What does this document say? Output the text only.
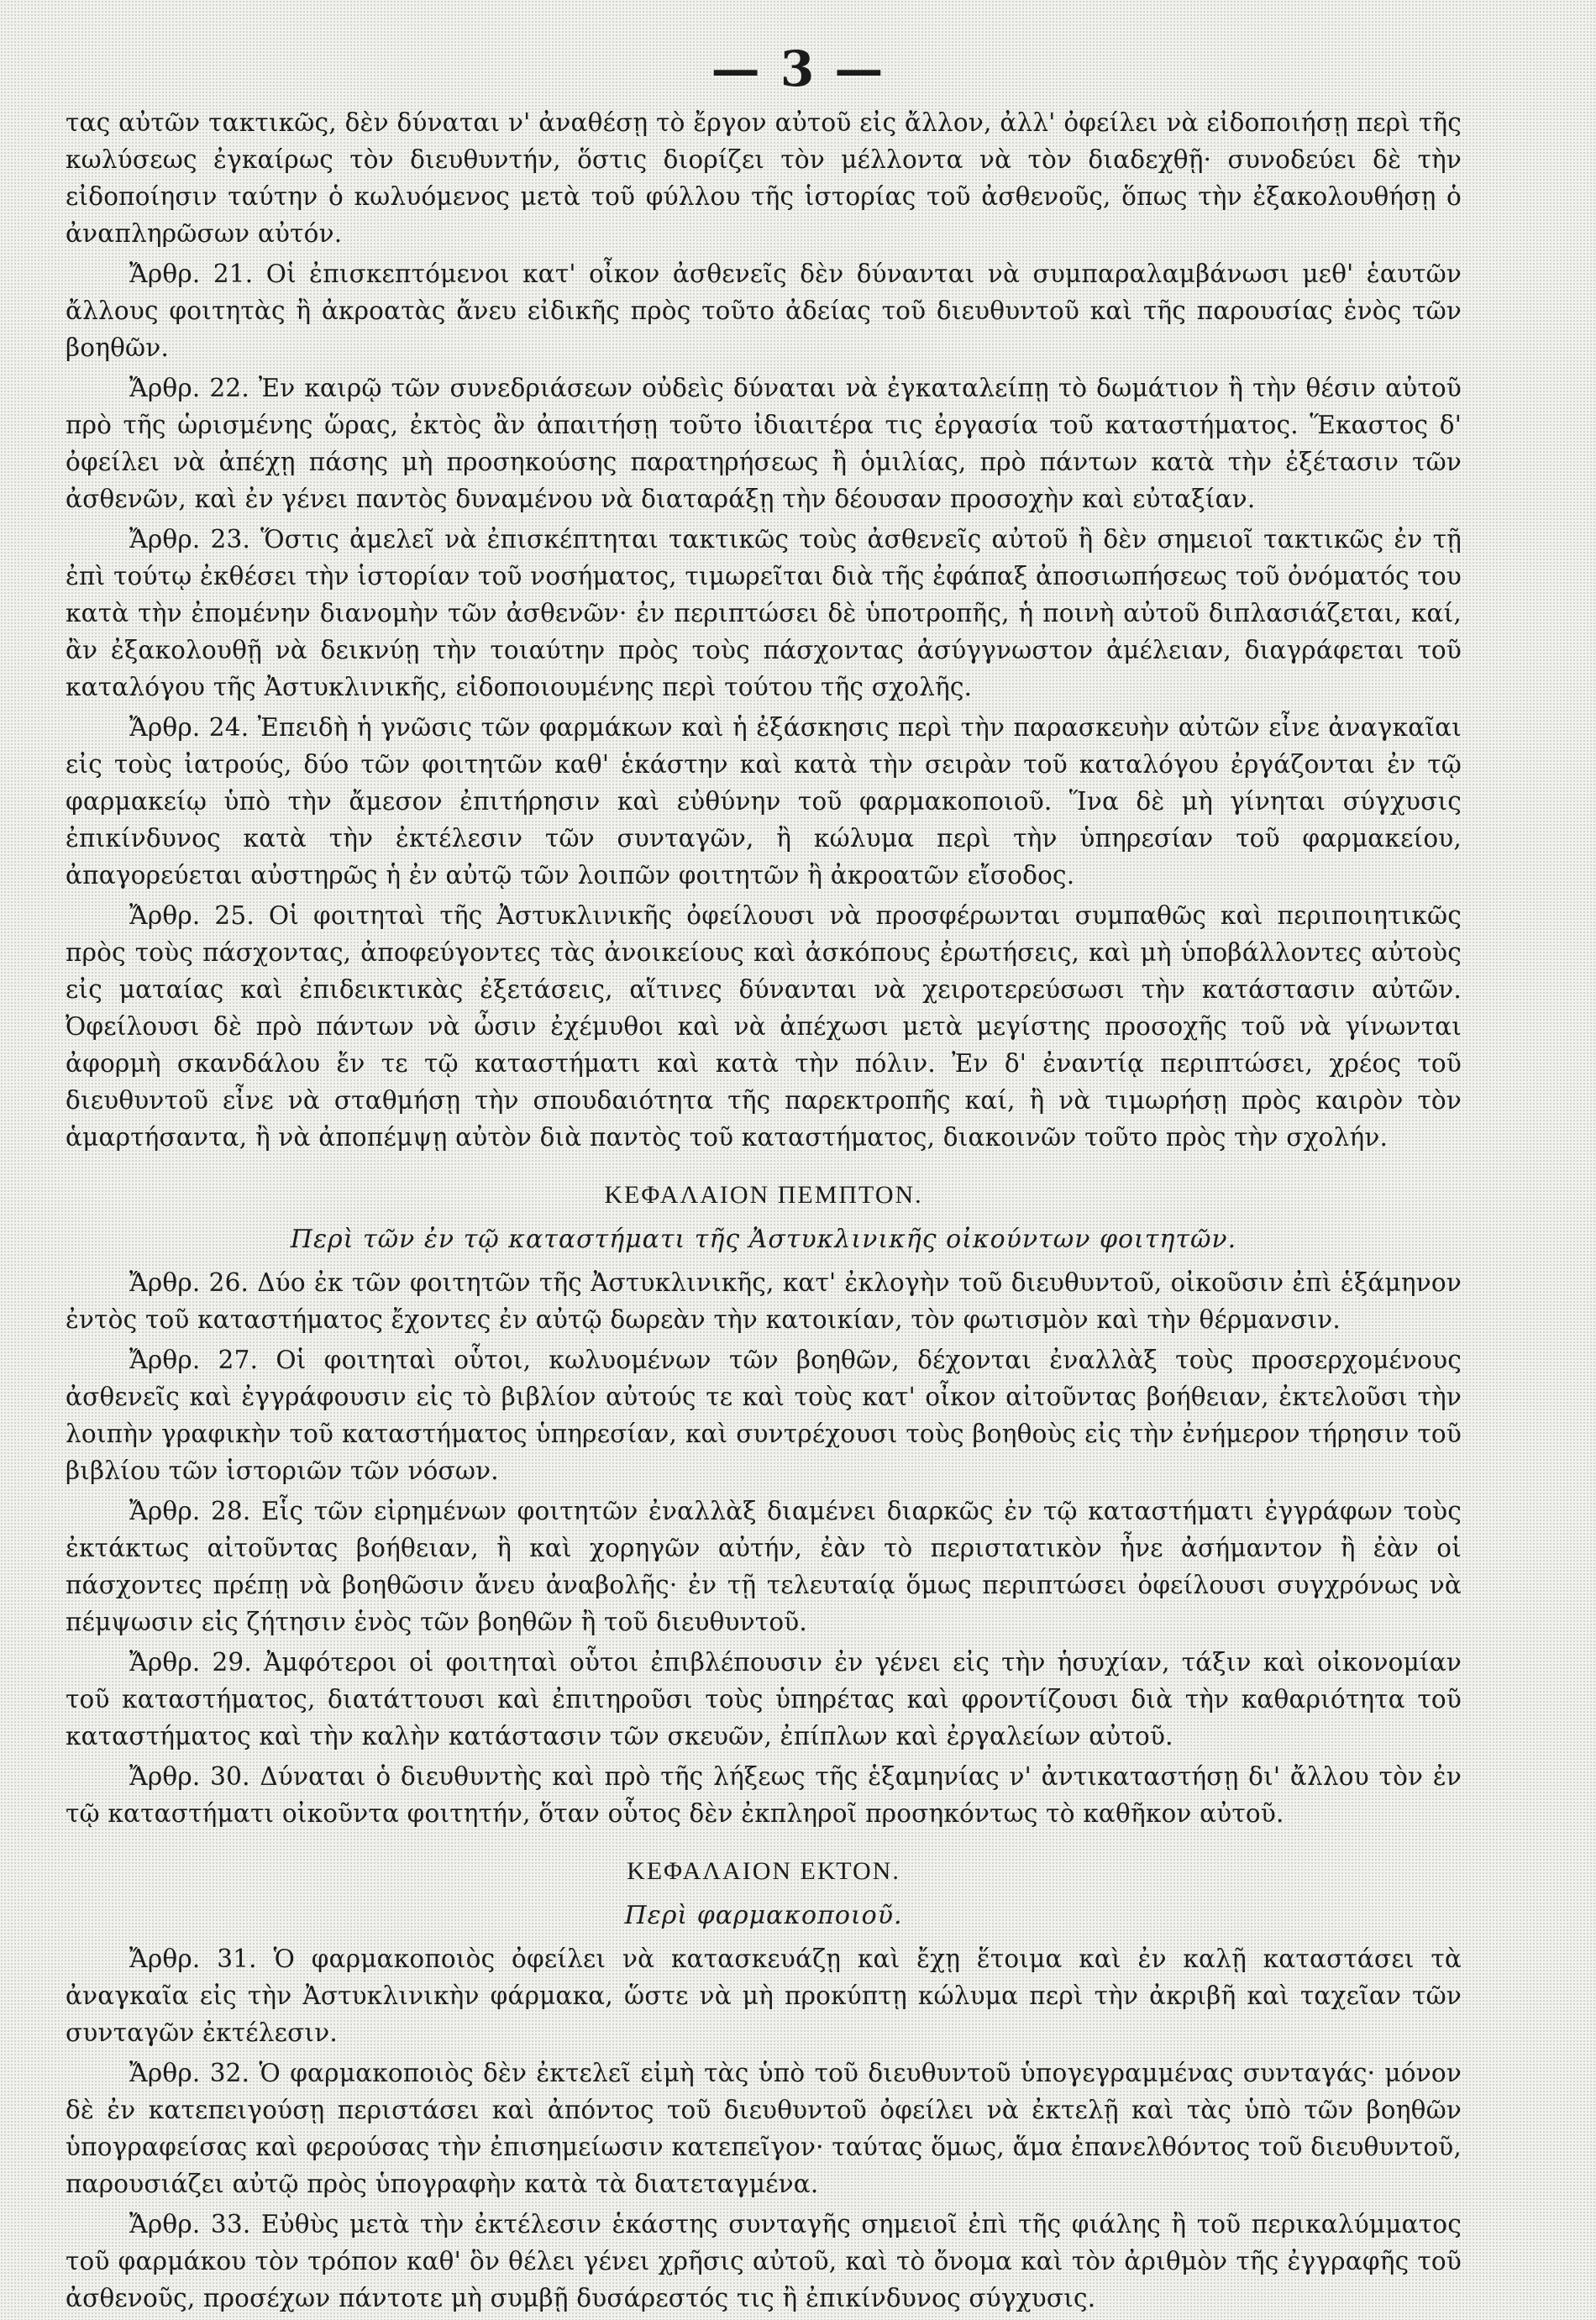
— 3 —

τας αὐτῶν τακτικῶς, δὲν δύναται ν' ἀναθέσῃ τὸ ἔργον αὐτοῦ εἰς ἄλλον, ἀλλ' ὀφείλει νὰ εἰδοποιήσῃ περὶ τῆς κωλύσεως ἐγκαίρως τὸν διευθυντήν, ὅστις διορίζει τὸν μέλλοντα νὰ τὸν διαδεχθῇ· συνοδεύει δὲ τὴν εἰδοποίησιν ταύτην ὁ κωλυόμενος μετὰ τοῦ φύλλου τῆς ἱστορίας τοῦ ἀσθενοῦς, ὅπως τὴν ἐξακολουθήσῃ ὁ ἀναπληρῶσων αὐτόν.

Ἄρθρ. 21. Οἱ ἐπισκεπτόμενοι κατ' οἶκον ἀσθενεῖς δὲν δύνανται νὰ συμπαραλαμβάνωσι μεθ' ἑαυτῶν ἄλλους φοιτητὰς ἢ ἀκροατὰς ἄνευ εἰδικῆς πρὸς τοῦτο ἀδείας τοῦ διευθυντοῦ καὶ τῆς παρουσίας ἑνὸς τῶν βοηθῶν.

Ἄρθρ. 22. Ἐν καιρῷ τῶν συνεδριάσεων οὐδεὶς δύναται νὰ ἐγκαταλείπῃ τὸ δωμάτιον ἢ τὴν θέσιν αὐτοῦ πρὸ τῆς ὡρισμένης ὥρας, ἐκτὸς ἂν ἀπαιτήσῃ τοῦτο ἰδιαιτέρα τις ἐργασία τοῦ καταστήματος. Ἕκαστος δ' ὀφείλει νὰ ἀπέχῃ πάσης μὴ προσηκούσης παρατηρήσεως ἢ ὁμιλίας, πρὸ πάντων κατὰ τὴν ἐξέτασιν τῶν ἀσθενῶν, καὶ ἐν γένει παντὸς δυναμένου νὰ διαταράξῃ τὴν δέουσαν προσοχὴν καὶ εὐταξίαν.

Ἄρθρ. 23. Ὅστις ἀμελεῖ νὰ ἐπισκέπτηται τακτικῶς τοὺς ἀσθενεῖς αὐτοῦ ἢ δὲν σημειοῖ τακτικῶς ἐν τῇ ἐπὶ τούτῳ ἐκθέσει τὴν ἱστορίαν τοῦ νοσήματος, τιμωρεῖται διὰ τῆς ἐφάπαξ ἀποσιωπήσεως τοῦ ὀνόματός του κατὰ τὴν ἐπομένην διανομὴν τῶν ἀσθενῶν· ἐν περιπτώσει δὲ ὑποτροπῆς, ἡ ποινὴ αὐτοῦ διπλασιάζεται, καί, ἂν ἐξακολουθῇ νὰ δεικνύῃ τὴν τοιαύτην πρὸς τοὺς πάσχοντας ἀσύγγνωστον ἀμέλειαν, διαγράφεται τοῦ καταλόγου τῆς Ἀστυκλινικῆς, εἰδοποιουμένης περὶ τούτου τῆς σχολῆς.

Ἄρθρ. 24. Ἐπειδὴ ἡ γνῶσις τῶν φαρμάκων καὶ ἡ ἐξάσκησις περὶ τὴν παρασκευὴν αὐτῶν εἶνε ἀναγκαῖαι εἰς τοὺς ἰατρούς, δύο τῶν φοιτητῶν καθ' ἑκάστην καὶ κατὰ τὴν σειρὰν τοῦ καταλόγου ἐργάζονται ἐν τῷ φαρμακείῳ ὑπὸ τὴν ἄμεσον ἐπιτήρησιν καὶ εὐθύνην τοῦ φαρμακοποιοῦ. Ἵνα δὲ μὴ γίνηται σύγχυσις ἐπικίνδυνος κατὰ τὴν ἐκτέλεσιν τῶν συνταγῶν, ἢ κώλυμα περὶ τὴν ὑπηρεσίαν τοῦ φαρμακείου, ἀπαγορεύεται αὐστηρῶς ἡ ἐν αὐτῷ τῶν λοιπῶν φοιτητῶν ἢ ἀκροατῶν εἴσοδος.

Ἄρθρ. 25. Οἱ φοιτηταὶ τῆς Ἀστυκλινικῆς ὀφείλουσι νὰ προσφέρωνται συμπαθῶς καὶ περιποιητικῶς πρὸς τοὺς πάσχοντας, ἀποφεύγοντες τὰς ἀνοικείους καὶ ἀσκόπους ἐρωτήσεις, καὶ μὴ ὑποβάλλοντες αὐτοὺς εἰς ματαίας καὶ ἐπιδεικτικὰς ἐξετάσεις, αἵτινες δύνανται νὰ χειροτερεύσωσι τὴν κατάστασιν αὐτῶν. Ὀφείλουσι δὲ πρὸ πάντων νὰ ὦσιν ἐχέμυθοι καὶ νὰ ἀπέχωσι μετὰ μεγίστης προσοχῆς τοῦ νὰ γίνωνται ἀφορμὴ σκανδάλου ἔν τε τῷ καταστήματι καὶ κατὰ τὴν πόλιν. Ἐν δ' ἐναντίᾳ περιπτώσει, χρέος τοῦ διευθυντοῦ εἶνε νὰ σταθμήσῃ τὴν σπουδαιότητα τῆς παρεκτροπῆς καί, ἢ νὰ τιμωρήσῃ πρὸς καιρὸν τὸν ἁμαρτήσαντα, ἢ νὰ ἀποπέμψῃ αὐτὸν διὰ παντὸς τοῦ καταστήματος, διακοινῶν τοῦτο πρὸς τὴν σχολήν.

ΚΕΦΑΛΑΙΟΝ ΠΕΜΠΤΟΝ.
Περὶ τῶν ἐν τῷ καταστήματι τῆς Ἀστυκλινικῆς οἰκούντων φοιτητῶν.

Ἄρθρ. 26. Δύο ἐκ τῶν φοιτητῶν τῆς Ἀστυκλινικῆς, κατ' ἐκλογὴν τοῦ διευθυντοῦ, οἰκοῦσιν ἐπὶ ἑξάμηνον ἐντὸς τοῦ καταστήματος ἔχοντες ἐν αὐτῷ δωρεὰν τὴν κατοικίαν, τὸν φωτισμὸν καὶ τὴν θέρμανσιν.

Ἄρθρ. 27. Οἱ φοιτηταὶ οὗτοι, κωλυομένων τῶν βοηθῶν, δέχονται ἐναλλὰξ τοὺς προσερχομένους ἀσθενεῖς καὶ ἐγγράφουσιν εἰς τὸ βιβλίον αὐτούς τε καὶ τοὺς κατ' οἶκον αἰτοῦντας βοήθειαν, ἐκτελοῦσι τὴν λοιπὴν γραφικὴν τοῦ καταστήματος ὑπηρεσίαν, καὶ συντρέχουσι τοὺς βοηθοὺς εἰς τὴν ἐνήμερον τήρησιν τοῦ βιβλίου τῶν ἱστοριῶν τῶν νόσων.

Ἄρθρ. 28. Εἷς τῶν εἰρημένων φοιτητῶν ἐναλλὰξ διαμένει διαρκῶς ἐν τῷ καταστήματι ἐγγράφων τοὺς ἐκτάκτως αἰτοῦντας βοήθειαν, ἢ καὶ χορηγῶν αὐτήν, ἐὰν τὸ περιστατικὸν ἦνε ἀσήμαντον ἢ ἐὰν οἱ πάσχοντες πρέπῃ νὰ βοηθῶσιν ἄνευ ἀναβολῆς· ἐν τῇ τελευταίᾳ ὅμως περιπτώσει ὀφείλουσι συγχρόνως νὰ πέμψωσιν εἰς ζήτησιν ἑνὸς τῶν βοηθῶν ἢ τοῦ διευθυντοῦ.

Ἄρθρ. 29. Ἀμφότεροι οἱ φοιτηταὶ οὗτοι ἐπιβλέπουσιν ἐν γένει εἰς τὴν ἡσυχίαν, τάξιν καὶ οἰκονομίαν τοῦ καταστήματος, διατάττουσι καὶ ἐπιτηροῦσι τοὺς ὑπηρέτας καὶ φροντίζουσι διὰ τὴν καθαριότητα τοῦ καταστήματος καὶ τὴν καλὴν κατάστασιν τῶν σκευῶν, ἐπίπλων καὶ ἐργαλείων αὐτοῦ.

Ἄρθρ. 30. Δύναται ὁ διευθυντὴς καὶ πρὸ τῆς λήξεως τῆς ἑξαμηνίας ν' ἀντικαταστήσῃ δι' ἄλλου τὸν ἐν τῷ καταστήματι οἰκοῦντα φοιτητήν, ὅταν οὗτος δὲν ἐκπληροῖ προσηκόντως τὸ καθῆκον αὐτοῦ.

ΚΕΦΑΛΑΙΟΝ ΕΚΤΟΝ.
Περὶ φαρμακοποιοῦ.

Ἄρθρ. 31. Ὁ φαρμακοποιὸς ὀφείλει νὰ κατασκευάζῃ καὶ ἔχῃ ἕτοιμα καὶ ἐν καλῇ καταστάσει τὰ ἀναγκαῖα εἰς τὴν Ἀστυκλινικὴν φάρμακα, ὥστε νὰ μὴ προκύπτῃ κώλυμα περὶ τὴν ἀκριβῆ καὶ ταχεῖαν τῶν συνταγῶν ἐκτέλεσιν.

Ἄρθρ. 32. Ὁ φαρμακοποιὸς δὲν ἐκτελεῖ εἰμὴ τὰς ὑπὸ τοῦ διευθυντοῦ ὑπογεγραμμένας συνταγάς· μόνον δὲ ἐν κατεπειγούσῃ περιστάσει καὶ ἀπόντος τοῦ διευθυντοῦ ὀφείλει νὰ ἐκτελῇ καὶ τὰς ὑπὸ τῶν βοηθῶν ὑπογραφείσας καὶ φερούσας τὴν ἐπισημείωσιν κατεπεῖγον· ταύτας ὅμως, ἅμα ἐπανελθόντος τοῦ διευθυντοῦ, παρουσιάζει αὐτῷ πρὸς ὑπογραφὴν κατὰ τὰ διατεταγμένα.

Ἄρθρ. 33. Εὐθὺς μετὰ τὴν ἐκτέλεσιν ἑκάστης συνταγῆς σημειοῖ ἐπὶ τῆς φιάλης ἢ τοῦ περικαλύμματος τοῦ φαρμάκου τὸν τρόπον καθ' ὃν θέλει γένει χρῆσις αὐτοῦ, καὶ τὸ ὄνομα καὶ τὸν ἀριθμὸν τῆς ἐγγραφῆς τοῦ ἀσθενοῦς, προσέχων πάντοτε μὴ συμβῇ δυσάρεστός τις ἢ ἐπικίνδυνος σύγχυσις.
